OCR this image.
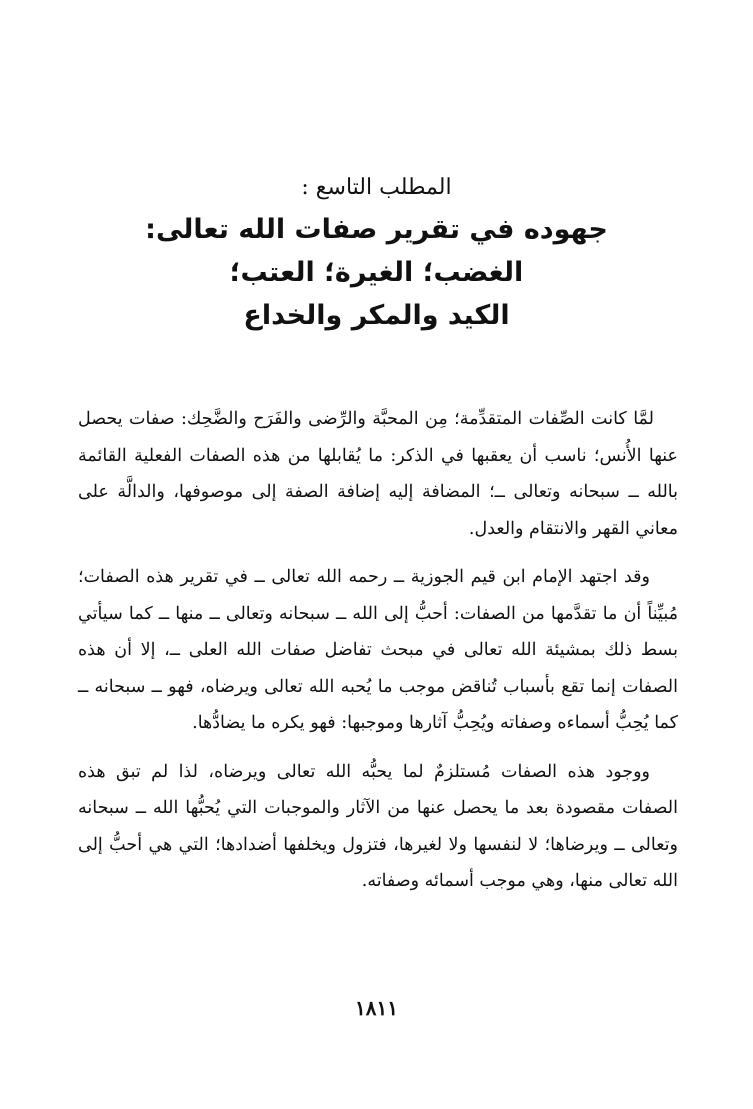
المطلب التاسع :
جهوده في تقرير صفات الله تعالى:
الغضب؛ الغيرة؛ العتب؛
الكيد والمكر والخداع

لمَّا كانت الصِّفات المتقدِّمة؛ مِن المحبَّة والرِّضى والفَرَح والضَّحِك: صفات يحصل عنها الأُنس؛ ناسب أن يعقبها في الذكر: ما يُقابلها من هذه الصفات الفعلية القائمة بالله ــ سبحانه وتعالى ــ؛ المضافة إليه إضافة الصفة إلى موصوفها، والدالَّة على معاني القهر والانتقام والعدل.

وقد اجتهد الإمام ابن قيم الجوزية ــ رحمه الله تعالى ــ في تقرير هذه الصفات؛ مُبيِّناً أن ما تقدَّمها من الصفات: أحبُّ إلى الله ــ سبحانه وتعالى ــ منها ــ كما سيأتي بسط ذلك بمشيئة الله تعالى في مبحث تفاضل صفات الله العلى ــ، إلا أن هذه الصفات إنما تقع بأسباب تُناقض موجب ما يُحبه الله تعالى ويرضاه، فهو ــ سبحانه ــ كما يُحِبُّ أسماءه وصفاته ويُحِبُّ آثارها وموجبها: فهو يكره ما يضادُّها.

ووجود هذه الصفات مُستلزمٌ لما يحبُّه الله تعالى ويرضاه، لذا لم تبق هذه الصفات مقصودة بعد ما يحصل عنها من الآثار والموجبات التي يُحبُّها الله ــ سبحانه وتعالى ــ ويرضاها؛ لا لنفسها ولا لغيرها، فتزول ويخلفها أضدادها؛ التي هي أحبُّ إلى الله تعالى منها، وهي موجب أسمائه وصفاته.

١٨١١
